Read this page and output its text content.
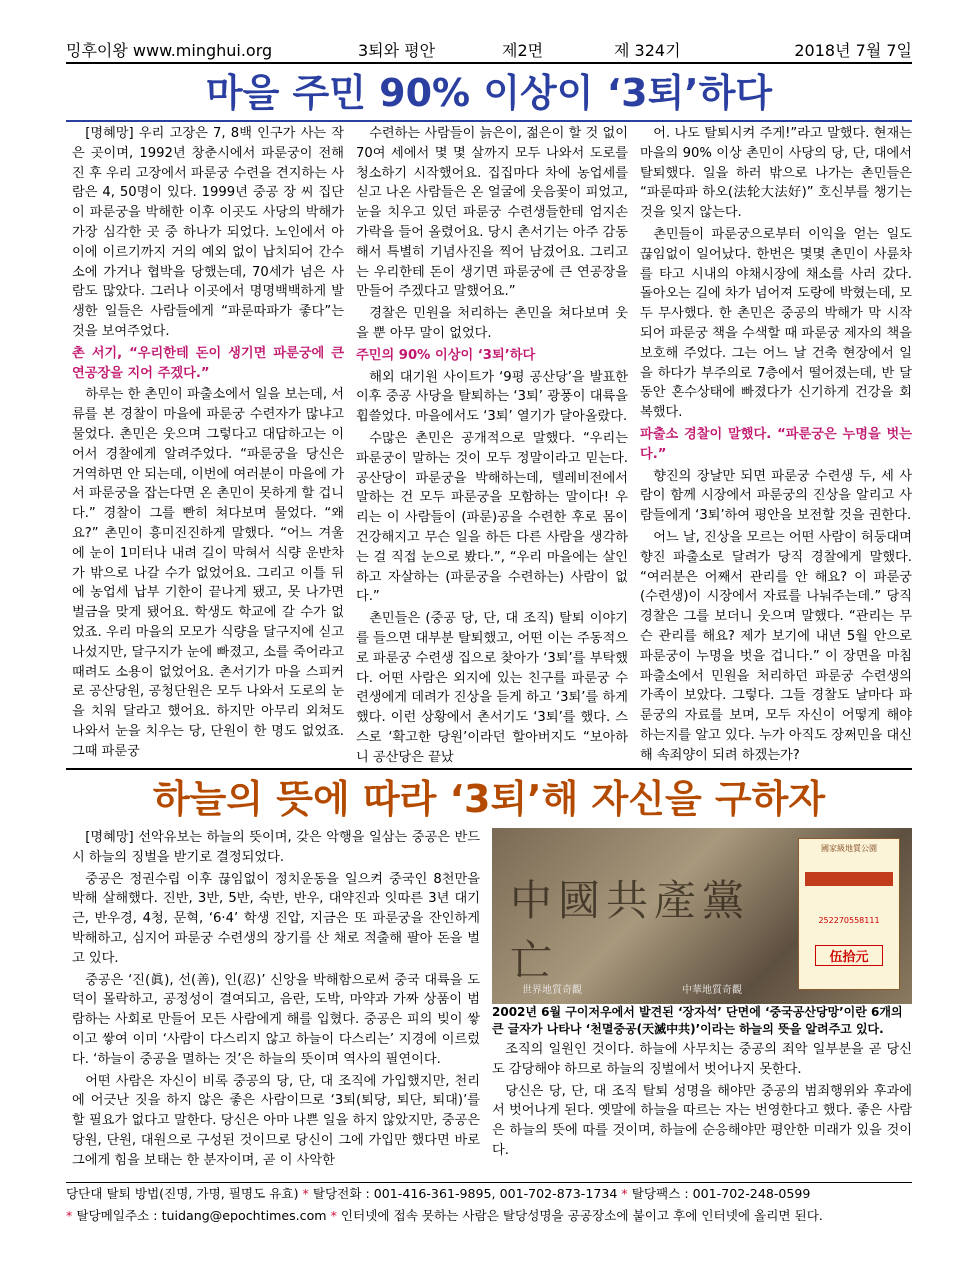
밍후이왕 www.minghui.org	3퇴와 평안	제2면	제 324기	2018년 7월 7일
마을 주민 90% 이상이 ‘3퇴’하다

[명혜망] 우리 고장은 7, 8백 인구가 사는 작은 곳이며, 1992년 창춘시에서 파룬궁이 전해진 후 우리 고장에서 파룬궁 수련을 견지하는 사람은 4, 50명이 있다. 1999년 중공 장 씨 집단이 파룬궁을 박해한 이후 이곳도 사당의 박해가 가장 심각한 곳 중 하나가 되었다. 노인에서 아이에 이르기까지 거의 예외 없이 납치되어 간수소에 가거나 협박을 당했는데, 70세가 넘은 사람도 많았다. 그러나 이곳에서 명명백백하게 발생한 일들은 사람들에게 “파룬따파가 좋다”는 것을 보여주었다.

촌 서기, “우리한테 돈이 생기면 파룬궁에 큰 연공장을 지어 주겠다.”

하루는 한 촌민이 파출소에서 일을 보는데, 서류를 본 경찰이 마을에 파룬궁 수련자가 많냐고 물었다. 촌민은 웃으며 그렇다고 대답하고는 이어서 경찰에게 알려주었다. “파룬궁을 당신은 거역하면 안 되는데, 이번에 여러분이 마을에 가서 파룬궁을 잡는다면 온 촌민이 못하게 할 겁니다.” 경찰이 그를 빤히 쳐다보며 물었다. “왜요?” 촌민이 흥미진진하게 말했다. “어느 겨울에 눈이 1미터나 내려 길이 막혀서 식량 운반차가 밖으로 나갈 수가 없었어요. 그리고 이틀 뒤에 농업세 납부 기한이 끝나게 됐고, 못 나가면 벌금을 맞게 됐어요. 학생도 학교에 갈 수가 없었죠. 우리 마을의 모모가 식량을 달구지에 싣고 나섰지만, 달구지가 눈에 빠졌고, 소를 죽어라고 때려도 소용이 없었어요. 촌서기가 마을 스피커로 공산당원, 공청단원은 모두 나와서 도로의 눈을 치워 달라고 했어요. 하지만 아무리 외쳐도 나와서 눈을 치우는 당, 단원이 한 명도 없었죠. 그때 파룬궁

수련하는 사람들이 늙은이, 젊은이 할 것 없이 70여 세에서 몇 몇 살까지 모두 나와서 도로를 청소하기 시작했어요. 집집마다 차에 농업세를 싣고 나온 사람들은 온 얼굴에 웃음꽃이 피었고, 눈을 치우고 있던 파룬궁 수련생들한테 엄지손가락을 들어 올렸어요. 당시 촌서기는 아주 감동해서 특별히 기념사진을 찍어 남겼어요. 그리고는 우리한테 돈이 생기면 파룬궁에 큰 연공장을 만들어 주겠다고 말했어요.”

경찰은 민원을 처리하는 촌민을 쳐다보며 웃을 뿐 아무 말이 없었다.

주민의 90% 이상이 ‘3퇴’하다

해외 대기원 사이트가 ‘9평 공산당’을 발표한 이후 중공 사당을 탈퇴하는 ‘3퇴’ 광풍이 대륙을 휩쓸었다. 마을에서도 ‘3퇴’ 열기가 달아올랐다.

수많은 촌민은 공개적으로 말했다. “우리는 파룬궁이 말하는 것이 모두 정말이라고 믿는다. 공산당이 파룬궁을 박해하는데, 텔레비전에서 말하는 건 모두 파룬궁을 모함하는 말이다! 우리는 이 사람들이 (파룬)공을 수련한 후로 몸이 건강해지고 무슨 일을 하든 다른 사람을 생각하는 걸 직접 눈으로 봤다.”, “우리 마을에는 살인하고 자살하는 (파룬궁을 수련하는) 사람이 없다.”

촌민들은 (중공 당, 단, 대 조직) 탈퇴 이야기를 들으면 대부분 탈퇴했고, 어떤 이는 주동적으로 파룬궁 수련생 집으로 찾아가 ‘3퇴’를 부탁했다. 어떤 사람은 외지에 있는 친구를 파룬궁 수련생에게 데려가 진상을 듣게 하고 ‘3퇴’를 하게 했다. 이런 상황에서 촌서기도 ‘3퇴’를 했다. 스스로 ‘확고한 당원’이라던 할아버지도 “보아하니 공산당은 끝났

어. 나도 탈퇴시켜 주게!”라고 말했다. 현재는 마을의 90% 이상 촌민이 사당의 당, 단, 대에서 탈퇴했다. 일을 하러 밖으로 나가는 촌민들은 “파룬따파 하오(法轮大法好)” 호신부를 챙기는 것을 잊지 않는다.

촌민들이 파룬궁으로부터 이익을 얻는 일도 끊임없이 일어났다. 한번은 몇몇 촌민이 사륜차를 타고 시내의 야채시장에 채소를 사러 갔다. 돌아오는 길에 차가 넘어져 도랑에 박혔는데, 모두 무사했다. 한 촌민은 중공의 박해가 막 시작되어 파룬궁 책을 수색할 때 파룬궁 제자의 책을 보호해 주었다. 그는 어느 날 건축 현장에서 일을 하다가 부주의로 7층에서 떨어졌는데, 반 달 동안 혼수상태에 빠졌다가 신기하게 건강을 회복했다.

파출소 경찰이 말했다. “파룬궁은 누명을 벗는다.”

향진의 장날만 되면 파룬궁 수련생 두, 세 사람이 함께 시장에서 파룬궁의 진상을 알리고 사람들에게 ‘3퇴’하여 평안을 보전할 것을 권한다.

어느 날, 진상을 모르는 어떤 사람이 허둥대며 향진 파출소로 달려가 당직 경찰에게 말했다. “여러분은 어째서 관리를 안 해요? 이 파룬궁(수련생)이 시장에서 자료를 나눠주는데.” 당직 경찰은 그를 보더니 웃으며 말했다. “관리는 무슨 관리를 해요? 제가 보기에 내년 5월 안으로 파룬궁이 누명을 벗을 겁니다.” 이 장면을 마침 파출소에서 민원을 처리하던 파룬궁 수련생의 가족이 보았다. 그렇다. 그들 경찰도 날마다 파룬궁의 자료를 보며, 모두 자신이 어떻게 해야 하는지를 알고 있다. 누가 아직도 장쩌민을 대신해 속죄양이 되려 하겠는가?

하늘의 뜻에 따라 ‘3퇴’해 자신을 구하자

[명혜망] 선악유보는 하늘의 뜻이며, 갖은 악행을 일삼는 중공은 반드시 하늘의 징벌을 받기로 결정되었다.

중공은 정권수립 이후 끊임없이 정치운동을 일으켜 중국인 8천만을 박해 살해했다. 진반, 3반, 5반, 숙반, 반우, 대약진과 잇따른 3년 대기근, 반우경, 4청, 문혁, ‘6·4’ 학생 진압, 지금은 또 파룬궁을 잔인하게 박해하고, 심지어 파룬궁 수련생의 장기를 산 채로 적출해 팔아 돈을 벌고 있다.

중공은 ‘진(眞), 선(善), 인(忍)’ 신앙을 박해함으로써 중국 대륙을 도덕이 몰락하고, 공정성이 결여되고, 음란, 도박, 마약과 가짜 상품이 범람하는 사회로 만들어 모든 사람에게 해를 입혔다. 중공은 피의 빚이 쌓이고 쌓여 이미 ‘사람이 다스리지 않고 하늘이 다스리는’ 지경에 이르렀다. ‘하늘이 중공을 멸하는 것’은 하늘의 뜻이며 역사의 필연이다.

어떤 사람은 자신이 비록 중공의 당, 단, 대 조직에 가입했지만, 천리에 어긋난 짓을 하지 않은 좋은 사람이므로 ‘3퇴(퇴당, 퇴단, 퇴대)’를 할 필요가 없다고 말한다. 당신은 아마 나쁜 일을 하지 않았지만, 중공은 당원, 단원, 대원으로 구성된 것이므로 당신이 그에 가입만 했다면 바로 그에게 힘을 보태는 한 분자이며, 곧 이 사악한

中國共產黨亡
世界地質奇觀	中華地質奇觀
國家級地質公園
252270558111
伍拾元
2002년 6월 구이저우에서 발견된 ‘장자석’ 단면에 ‘중국공산당망’이란 6개의 큰 글자가 나타나 ‘천멸중공(天滅中共)’이라는 하늘의 뜻을 알려주고 있다.

조직의 일원인 것이다. 하늘에 사무치는 중공의 죄악 일부분을 곧 당신도 감당해야 하므로 하늘의 징벌에서 벗어나지 못한다.

당신은 당, 단, 대 조직 탈퇴 성명을 해야만 중공의 범죄행위와 후과에서 벗어나게 된다. 옛말에 하늘을 따르는 자는 번영한다고 했다. 좋은 사람은 하늘의 뜻에 따를 것이며, 하늘에 순응해야만 평안한 미래가 있을 것이다.

당단대 탈퇴 방법(진명, 가명, 필명도 유효) * 탈당전화 : 001-416-361-9895, 001-702-873-1734 * 탈당팩스 : 001-702-248-0599
* 탈당메일주소 : tuidang@epochtimes.com * 인터넷에 접속 못하는 사람은 탈당성명을 공공장소에 붙이고 후에 인터넷에 올리면 된다.
